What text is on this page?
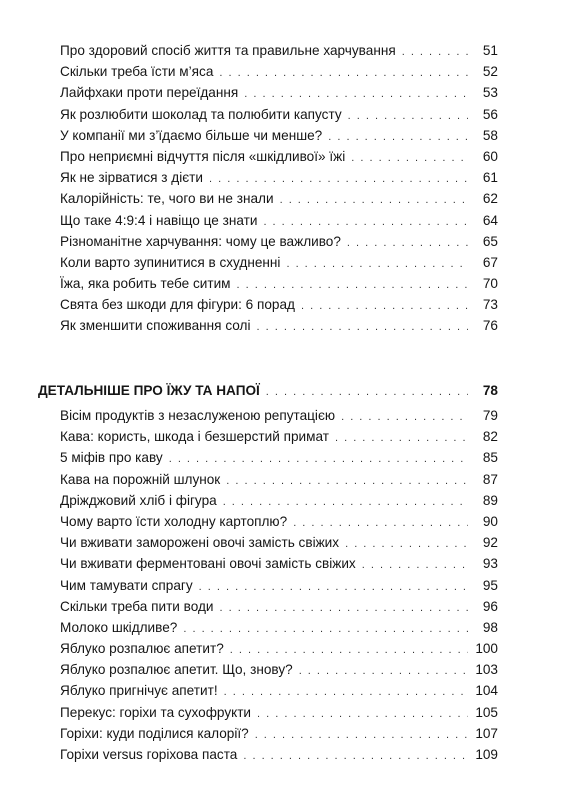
Про здоровий спосіб життя та правильне харчування . . .	51
Скільки треба їсти м’яса . . .	52
Лайфхаки проти переїдання . . .	53
Як розлюбити шоколад та полюбити капусту . . .	56
У компанії ми з’їдаємо більше чи менше? . . .	58
Про неприємні відчуття після «шкідливої» їжі . . .	60
Як не зірватися з дієти . . .	61
Калорійність: те, чого ви не знали . . .	62
Що таке 4:9:4 і навіщо це знати . . .	64
Різноманітне харчування: чому це важливо? . . .	65
Коли варто зупинитися в схудненні . . .	67
Їжа, яка робить тебе ситим . . .	70
Свята без шкоди для фігури: 6 порад . . .	73
Як зменшити споживання солі . . .	76
ДЕТАЛЬНІШЕ ПРО ЇЖУ ТА НАПОЇ . . .	78
Вісім продуктів з незаслуженою репутацією . . .	79
Кава: користь, шкода і безшерстий примат . . .	82
5 міфів про каву . . .	85
Кава на порожній шлунок . . .	87
Дріжджовий хліб і фігура . . .	89
Чому варто їсти холодну картоплю? . . .	90
Чи вживати заморожені овочі замість свіжих . . .	92
Чи вживати ферментовані овочі замість свіжих . . .	93
Чим тамувати спрагу . . .	95
Скільки треба пити води . . .	96
Молоко шкідливе? . . .	98
Яблуко розпалює апетит? . . .	100
Яблуко розпалює апетит. Що, знову? . . .	103
Яблуко пригнічує апетит! . . .	104
Перекус: горіхи та сухофрукти . . .	105
Горіхи: куди поділися калорії? . . .	107
Горіхи versus горіхова паста . . .	109
